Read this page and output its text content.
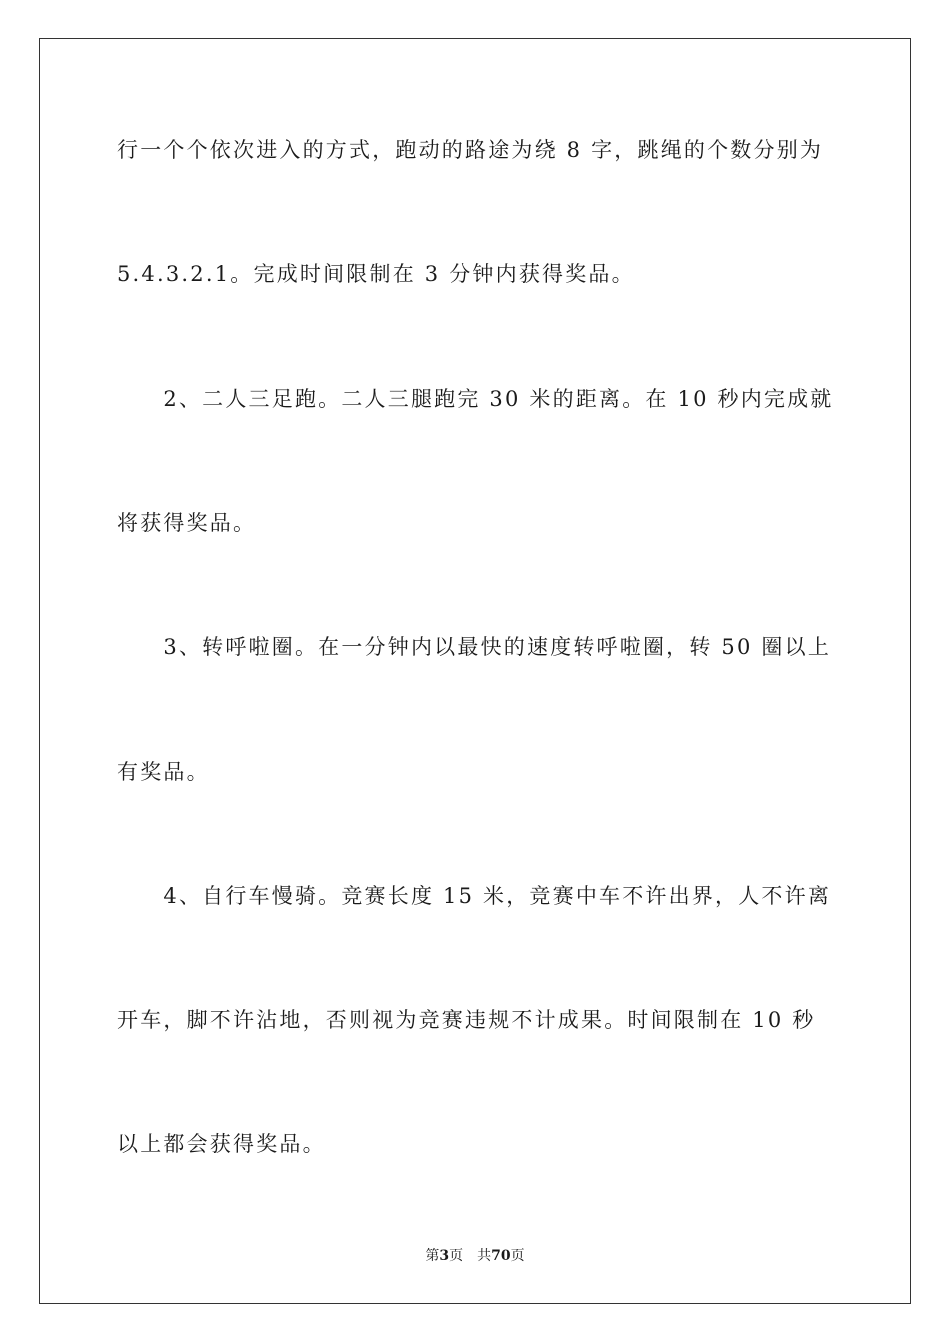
行一个个依次进入的方式，跑动的路途为绕 8 字，跳绳的个数分别为
5.4.3.2.1。完成时间限制在 3 分钟内获得奖品。
　　2、二人三足跑。二人三腿跑完 30 米的距离。在 10 秒内完成就
将获得奖品。
　　3、转呼啦圈。在一分钟内以最快的速度转呼啦圈，转 50 圈以上
有奖品。
　　4、自行车慢骑。竞赛长度 15 米，竞赛中车不许出界，人不许离
开车，脚不许沾地，否则视为竞赛违规不计成果。时间限制在 10 秒
以上都会获得奖品。
第3页 共70页
